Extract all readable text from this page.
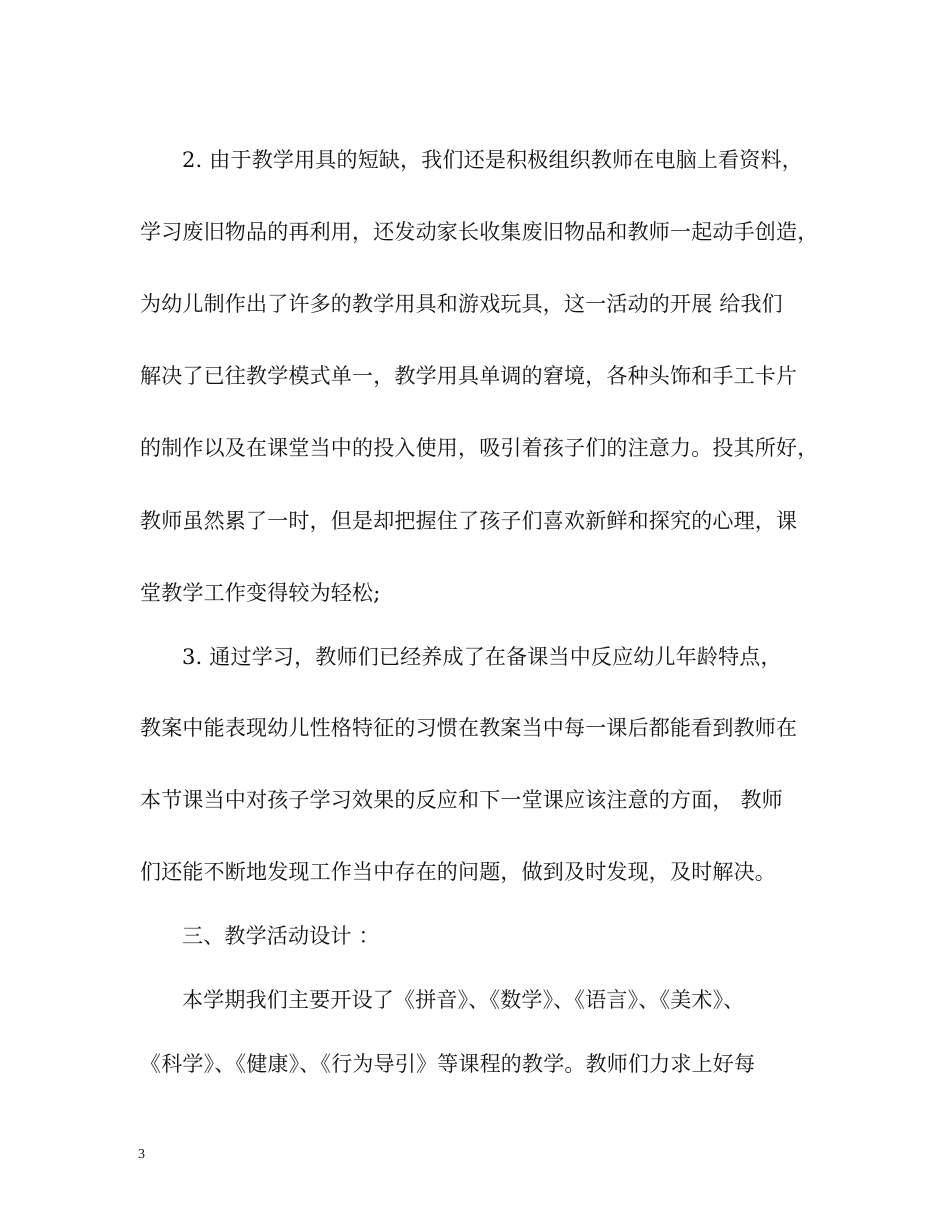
2. 由于教学用具的短缺，我们还是积极组织教师在电脑上看资料，
学习废旧物品的再利用，还发动家长收集废旧物品和教师一起动手创造，
为幼儿制作出了许多的教学用具和游戏玩具，这一活动的开展 给我们
解决了已往教学模式单一，教学用具单调的窘境，各种头饰和手工卡片
的制作以及在课堂当中的投入使用，吸引着孩子们的注意力。投其所好，
教师虽然累了一时，但是却把握住了孩子们喜欢新鲜和探究的心理，课
堂教学工作变得较为轻松;
3. 通过学习，教师们已经养成了在备课当中反应幼儿年龄特点，
教案中能表现幼儿性格特征的习惯在教案当中每一课后都能看到教师在
本节课当中对孩子学习效果的反应和下一堂课应该注意的方面， 教师
们还能不断地发现工作当中存在的问题，做到及时发现，及时解决。
三、教学活动设计 ：
本学期我们主要开设了《拼音》、《数学》、《语言》、《美术》、
《科学》、《健康》、《行为导引》等课程的教学。教师们力求上好每
3
